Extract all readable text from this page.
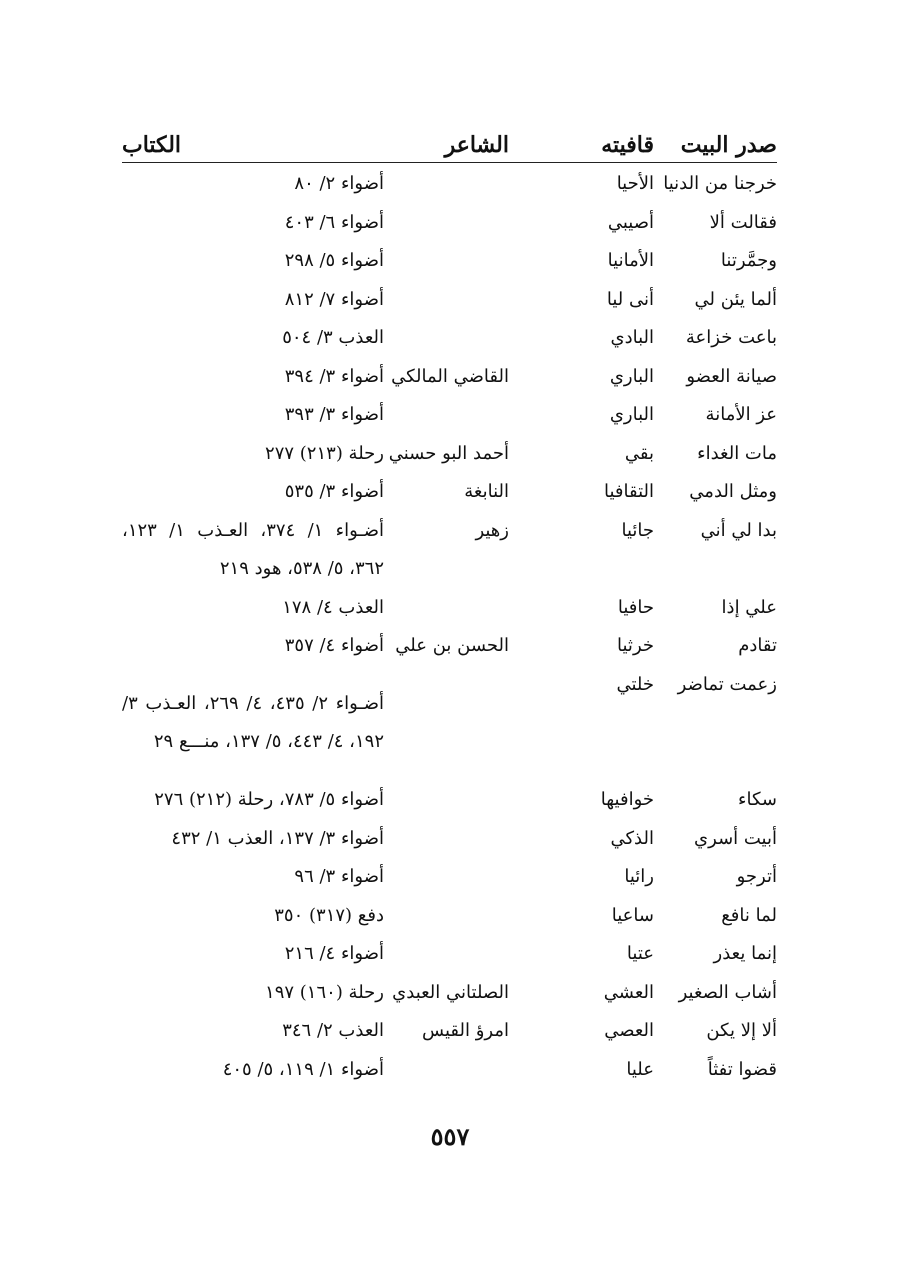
صدر البيت	قافيته	الشاعر	الكتاب
خرجنا من الدنيا	الأحيا		أضواء ٢/ ٨٠
فقالت ألا	أصيبي		أضواء ٦/ ٤٠٣
وجمَّرتنا	الأمانيا		أضواء ٥/ ٢٩٨
ألما يئن لي	أنى ليا		أضواء ٧/ ٨١٢
باعت خزاعة	البادي		العذب ٣/ ٥٠٤
صيانة العضو	الباري	القاضي المالكي	أضواء ٣/ ٣٩٤
عز الأمانة	الباري		أضواء ٣/ ٣٩٣
مات الغداء	بقي	أحمد البو حسني	رحلة (٢١٣) ٢٧٧
ومثل الدمي	التقافيا	النابغة	أضواء ٣/ ٥٣٥
بدا لي أني	جائيا	زهير	أضـواء ١/ ٣٧٤، العـذب ١/ ١٢٣، ٣٦٢، ٥/ ٥٣٨، هود ٢١٩
علي إذا	حافيا		العذب ٤/ ١٧٨
تقادم	خرثيا	الحسن بن علي	أضواء ٤/ ٣٥٧
زعمت تماضر	خلتي		أضـواء ٢/ ٤٣٥، ٤/ ٢٦٩، العـذب ٣/ ١٩٢، ٤/ ٤٤٣، ٥/ ١٣٧، منـــع ٢٩
سكاء	خوافيها		أضواء ٥/ ٧٨٣، رحلة (٢١٢) ٢٧٦
أبيت أسري	الذكي		أضواء ٣/ ١٣٧، العذب ١/ ٤٣٢
أترجو	رائيا		أضواء ٣/ ٩٦
لما نافع	ساعيا		دفع (٣١٧) ٣٥٠
إنما يعذر	عتيا		أضواء ٤/ ٢١٦
أشاب الصغير	العشي	الصلتاني العبدي	رحلة (١٦٠) ١٩٧
ألا إلا يكن	العصي	امرؤ القيس	العذب ٢/ ٣٤٦
قضوا تفثاً	عليا		أضواء ١/ ١١٩، ٥/ ٤٠٥
٥٥٧
